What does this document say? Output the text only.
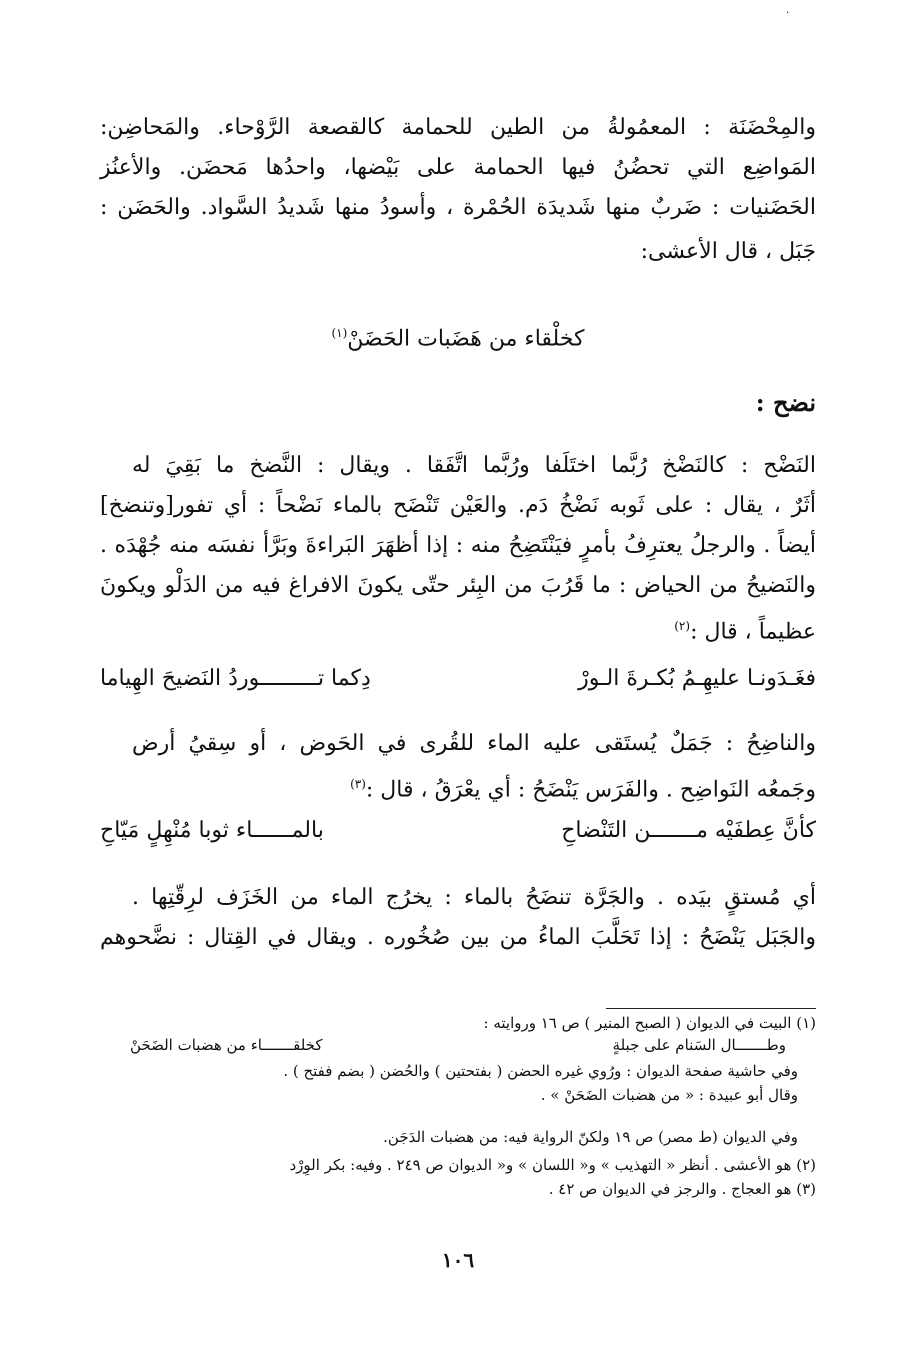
·
والمِحْضَنَة : المعمُولةُ من الطين للحمامة كالقصعة الرَّوْحاء. والمَحاضِن:
المَواضِع التي تحضُنُ فيها الحمامة على بَيْضها، واحدُها مَحضَن. والأعنُز
الحَضَنيات : ضَربٌ منها شَديدَة الحُمْرة ، وأسودُ منها شَديدُ السَّواد. والحَضَن :
جَبَل ، قال الأعشى:
كخلْقاء من هَضَبات الحَضَنْ$^{(١)}$
نضح :
النَضْح : كالنَضْخ رُبَّما اختَلَفا ورُبَّما اتَّفَقا . ويقال : النَّضخ ما بَقِيَ له
أثَرٌ ، يقال : على ثَوبه نَضْخُ دَم. والعَيْن تَنْضَح بالماء نَضْحاً : أي تفور[وتنضخ]
أيضاً . والرجلُ يعترِفُ بأمرٍ فيَنْتَضِحُ منه : إذا أظهَرَ البَراءةَ وبَرَّأ نفسَه منه جُهْدَه .
والنَضيحُ من الحياض : ما قَرُبَ من البِئر حتّى يكونَ الافراغ فيه من الدَلْو ويكونَ
عظيماً ، قال :$^{(٢)}$
فغَـدَونـا عليهِـمُ بُكـرةَ الـورْ
دِكما تـــــــــوردُ النَضيحَ الهِياما
والناضِحُ : جَمَلٌ يُستَقى عليه الماء للقُرى في الحَوض ، أو سِقيُ أرض
وجَمعُه النَواضِح . والفَرَس يَنْضَحُ : أي يعْرَقُ ، قال :$^{(٣)}$
كأنَّ عِطفَيْه مـــــــن التَنْضاحِ
بالمــــــاء ثوبا مُنْهِلٍ مَيّاحِ
أي مُستقٍ بيَده . والجَرَّة تنضَحُ بالماء : يخرُج الماء من الخَزَف لرِقّتِها .
والجَبَل يَنْضَحُ : إذا تَحَلَّبَ الماءُ من بين صُخُوره . ويقال في القِتال : نضَّحوهم
(١) البيت في الديوان ( الصبح المنير ) ص ١٦ وروايته :
وطـــــــال السَنام على جبلةٍ
كخلقـــــــاء من هضبات الضَحَنْ
وفي حاشية صفحة الديوان : ورُوي غيره الحضن ( بفتحتين ) والحُضن ( بضم ففتح ) .
وقال أبو عبيدة : « من هضبات الضَحَنْ » .
وفي الديوان (ط مصر) ص ١٩ ولكنّ الرواية فيه: من هضبات الدَجَن.
(٢) هو الأعشى . أنظر « التهذيب » و« اللسان » و« الديوان ص ٢٤٩ . وفيه: بكر الوِرْد
(٣) هو العجاج . والرجز في الديوان ص ٤٢ .
١٠٦
